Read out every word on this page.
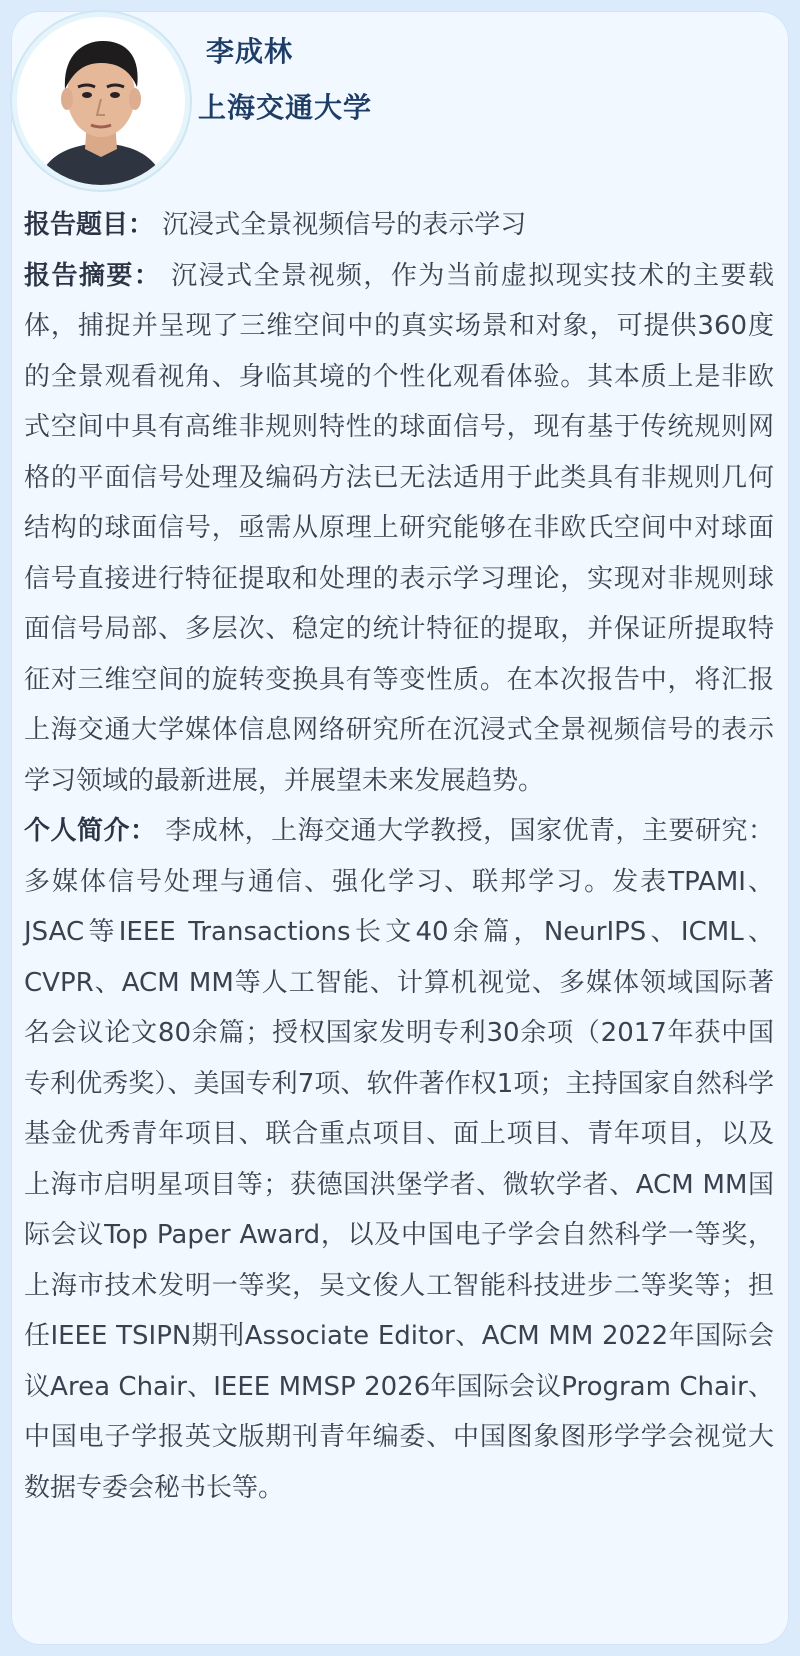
李成林
上海交通大学

报告题目： 沉浸式全景视频信号的表示学习

报告摘要： 沉浸式全景视频，作为当前虚拟现实技术的主要载体，捕捉并呈现了三维空间中的真实场景和对象，可提供360度的全景观看视角、身临其境的个性化观看体验。其本质上是非欧式空间中具有高维非规则特性的球面信号，现有基于传统规则网格的平面信号处理及编码方法已无法适用于此类具有非规则几何结构的球面信号，亟需从原理上研究能够在非欧氏空间中对球面信号直接进行特征提取和处理的表示学习理论，实现对非规则球面信号局部、多层次、稳定的统计特征的提取，并保证所提取特征对三维空间的旋转变换具有等变性质。在本次报告中，将汇报上海交通大学媒体信息网络研究所在沉浸式全景视频信号的表示学习领域的最新进展，并展望未来发展趋势。

个人简介： 李成林，上海交通大学教授，国家优青，主要研究：多媒体信号处理与通信、强化学习、联邦学习。发表TPAMI、JSAC等IEEE Transactions长文40余篇，NeurIPS、ICML、CVPR、ACM MM等人工智能、计算机视觉、多媒体领域国际著名会议论文80余篇；授权国家发明专利30余项（2017年获中国专利优秀奖）、美国专利7项、软件著作权1项；主持国家自然科学基金优秀青年项目、联合重点项目、面上项目、青年项目，以及上海市启明星项目等；获德国洪堡学者、微软学者、ACM MM国际会议Top Paper Award，以及中国电子学会自然科学一等奖，上海市技术发明一等奖，吴文俊人工智能科技进步二等奖等；担任IEEE TSIPN期刊Associate Editor、ACM MM 2022年国际会议Area Chair、IEEE MMSP 2026年国际会议Program Chair、中国电子学报英文版期刊青年编委、中国图象图形学学会视觉大数据专委会秘书长等。
